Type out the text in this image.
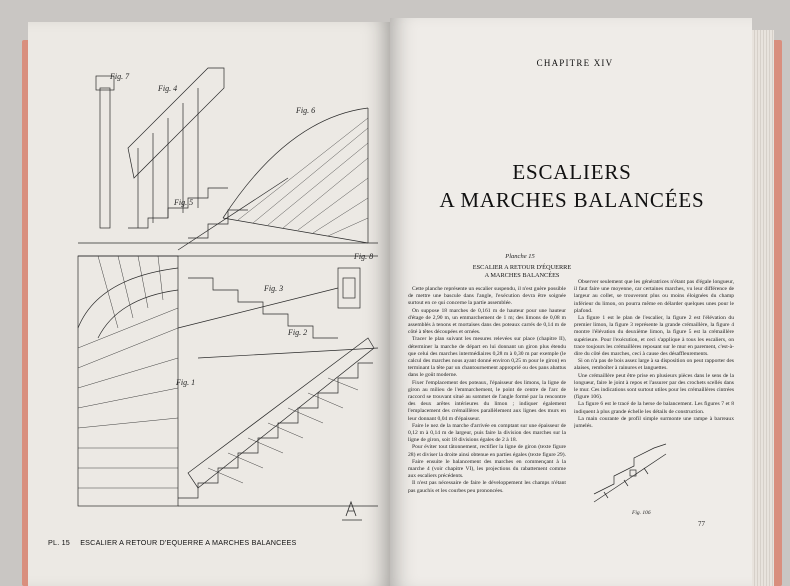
Fig. 7
Fig. 4
Fig. 6
Fig. 5
Fig. 8
Fig. 3
Fig. 2
Fig. 1
PL. 15 ESCALIER A RETOUR D'EQUERRE A MARCHES BALANCEES
CHAPITRE XIV
ESCALIERS
A MARCHES BALANCÉES
Planche 15
ESCALIER A RETOUR D'ÉQUERRE
A MARCHES BALANCÉES

Cette planche représente un escalier suspendu, il n'est guère possible de mettre une bascule dans l'angle, l'exécution devra être soignée surtout en ce qui concerne la partie assemblée.

On suppose 18 marches de 0,161 m de hauteur pour une hauteur d'étage de 2,90 m, un emmarchement de 1 m; des limons de 0,08 m assemblés à tenons et mortaises dans des poteaux carrés de 0,14 m de côté à têtes découpées et ornées.

Tracer le plan suivant les mesures relevées sur place (chapitre II), déterminer la marche de départ en lui donnant un giron plus étendu que celui des marches intermédiaires 0,28 m à 0,30 m par exemple (le calcul des marches nous ayant donné environ 0,25 m pour le giron) en terminant la tête par un chantournement approprié ou des pans abattus dans le goût moderne.

Fixer l'emplacement des poteaux, l'épaisseur des limons, la ligne de giron au milieu de l'emmarchement, le point de centre de l'arc de raccord se trouvant situé au sommet de l'angle formé par la rencontre des deux arêtes intérieures du limon ; indiquer également l'emplacement des crémaillères parallèlement aux lignes des murs en leur donnant 0,04 m d'épaisseur.

Faire le nez de la marche d'arrivée en comptant sur une épaisseur de 0,12 m à 0,14 m de largeur, puis faire la division des marches sur la ligne de giron, soit 18 divisions égales de 2 à 18.

Pour éviter tout tâtonnement, rectifier la ligne de giron (texte figure 28) et diviser la droite ainsi obtenue en parties égales (texte figure 29).

Faire ensuite le balancement des marches en commençant à la marche 4 (voir chapitre VI), les projections du rabattement comme aux escaliers précédents.

Il n'est pas nécessaire de faire le développement les champs n'étant pas gauchis et les courbes peu prononcées.

Observer seulement que les génératrices n'étant pas d'égale longueur, il faut faire une moyenne, car certaines marches, vu leur différence de largeur au collet, se trouveront plus ou moins éloignées du champ inférieur du limon, on pourra même en délarder quelques unes pour le plafond.

La figure 1 est le plan de l'escalier, la figure 2 est l'élévation du premier limon, la figure 3 représente la grande crémaillère, la figure 4 montre l'élévation du deuxième limon, la figure 5 est la crémaillère supérieure. Pour l'exécution, et ceci s'applique à tous les escaliers, on trace toujours les crémaillères reposant sur le mur en parement, c'est-à-dire du côté des marches, ceci à cause des désaffleurements.

Si on n'a pas de bois assez large à sa disposition on peut rapporter des alaises, remboîter à rainures et languettes.

Une crémaillère peut être prise en plusieurs pièces dans le sens de la longueur, faire le joint à repos et l'assurer par des crochets scellés dans le mur. Ces indications sont surtout utiles pour les crémaillères cintrées (figure 106).

La figure 6 est le tracé de la herse de balancement. Les figures 7 et 8 indiquent à plus grande échelle les détails de construction.

La main courante de profil simple surmonte une rampe à barreaux jumelés.

Fig. 106
77
